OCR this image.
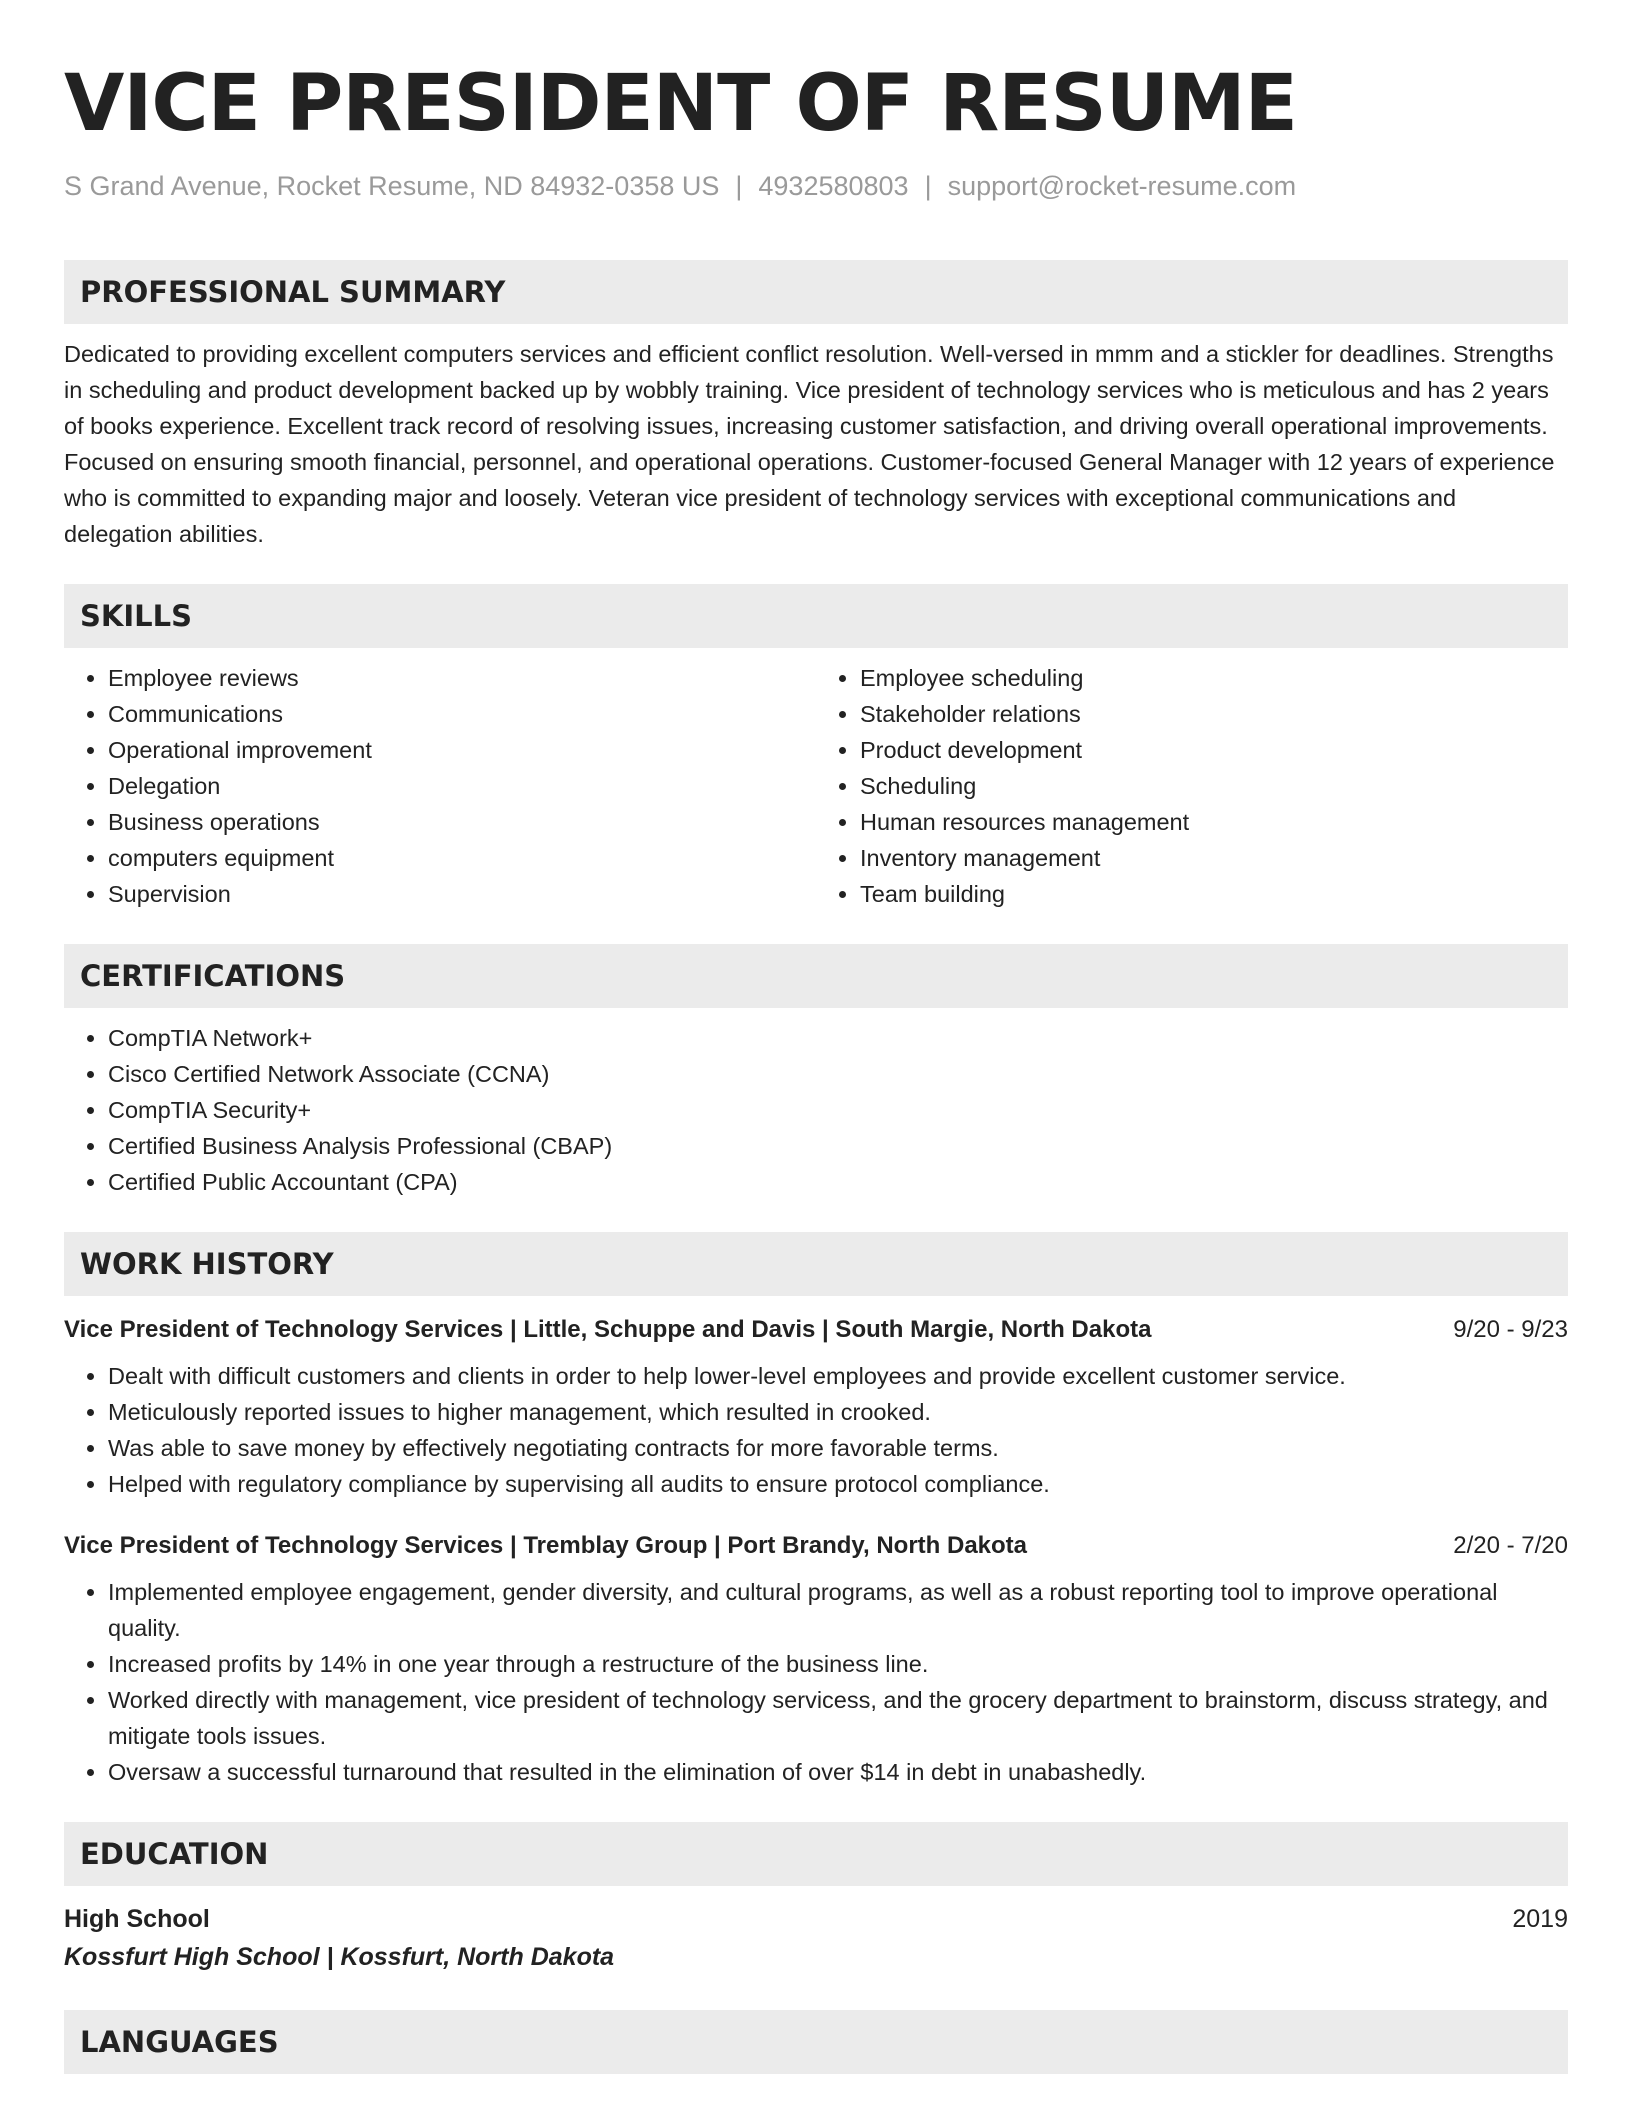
VICE PRESIDENT OF RESUME
S Grand Avenue, Rocket Resume, ND 84932-0358 US | 4932580803 | support@rocket-resume.com
PROFESSIONAL SUMMARY

Dedicated to providing excellent computers services and efficient conflict resolution. Well-versed in mmm and a stickler for deadlines. Strengths in scheduling and product development backed up by wobbly training. Vice president of technology services who is meticulous and has 2 years of books experience. Excellent track record of resolving issues, increasing customer satisfaction, and driving overall operational improvements. Focused on ensuring smooth financial, personnel, and operational operations. Customer-focused General Manager with 12 years of experience who is committed to expanding major and loosely. Veteran vice president of technology services with exceptional communications and delegation abilities.

SKILLS
• Employee reviews
• Communications
• Operational improvement
• Delegation
• Business operations
• computers equipment
• Supervision
• Employee scheduling
• Stakeholder relations
• Product development
• Scheduling
• Human resources management
• Inventory management
• Team building
CERTIFICATIONS
• CompTIA Network+
• Cisco Certified Network Associate (CCNA)
• CompTIA Security+
• Certified Business Analysis Professional (CBAP)
• Certified Public Accountant (CPA)
WORK HISTORY
Vice President of Technology Services | Little, Schuppe and Davis | South Margie, North Dakota	9/20 - 9/23
• Dealt with difficult customers and clients in order to help lower-level employees and provide excellent customer service.
• Meticulously reported issues to higher management, which resulted in crooked.
• Was able to save money by effectively negotiating contracts for more favorable terms.
• Helped with regulatory compliance by supervising all audits to ensure protocol compliance.
Vice President of Technology Services | Tremblay Group | Port Brandy, North Dakota	2/20 - 7/20
• Implemented employee engagement, gender diversity, and cultural programs, as well as a robust reporting tool to improve operational quality.
• Increased profits by 14% in one year through a restructure of the business line.
• Worked directly with management, vice president of technology servicess, and the grocery department to brainstorm, discuss strategy, and mitigate tools issues.
• Oversaw a successful turnaround that resulted in the elimination of over $14 in debt in unabashedly.
EDUCATION
High School	2019
Kossfurt High School | Kossfurt, North Dakota
LANGUAGES
